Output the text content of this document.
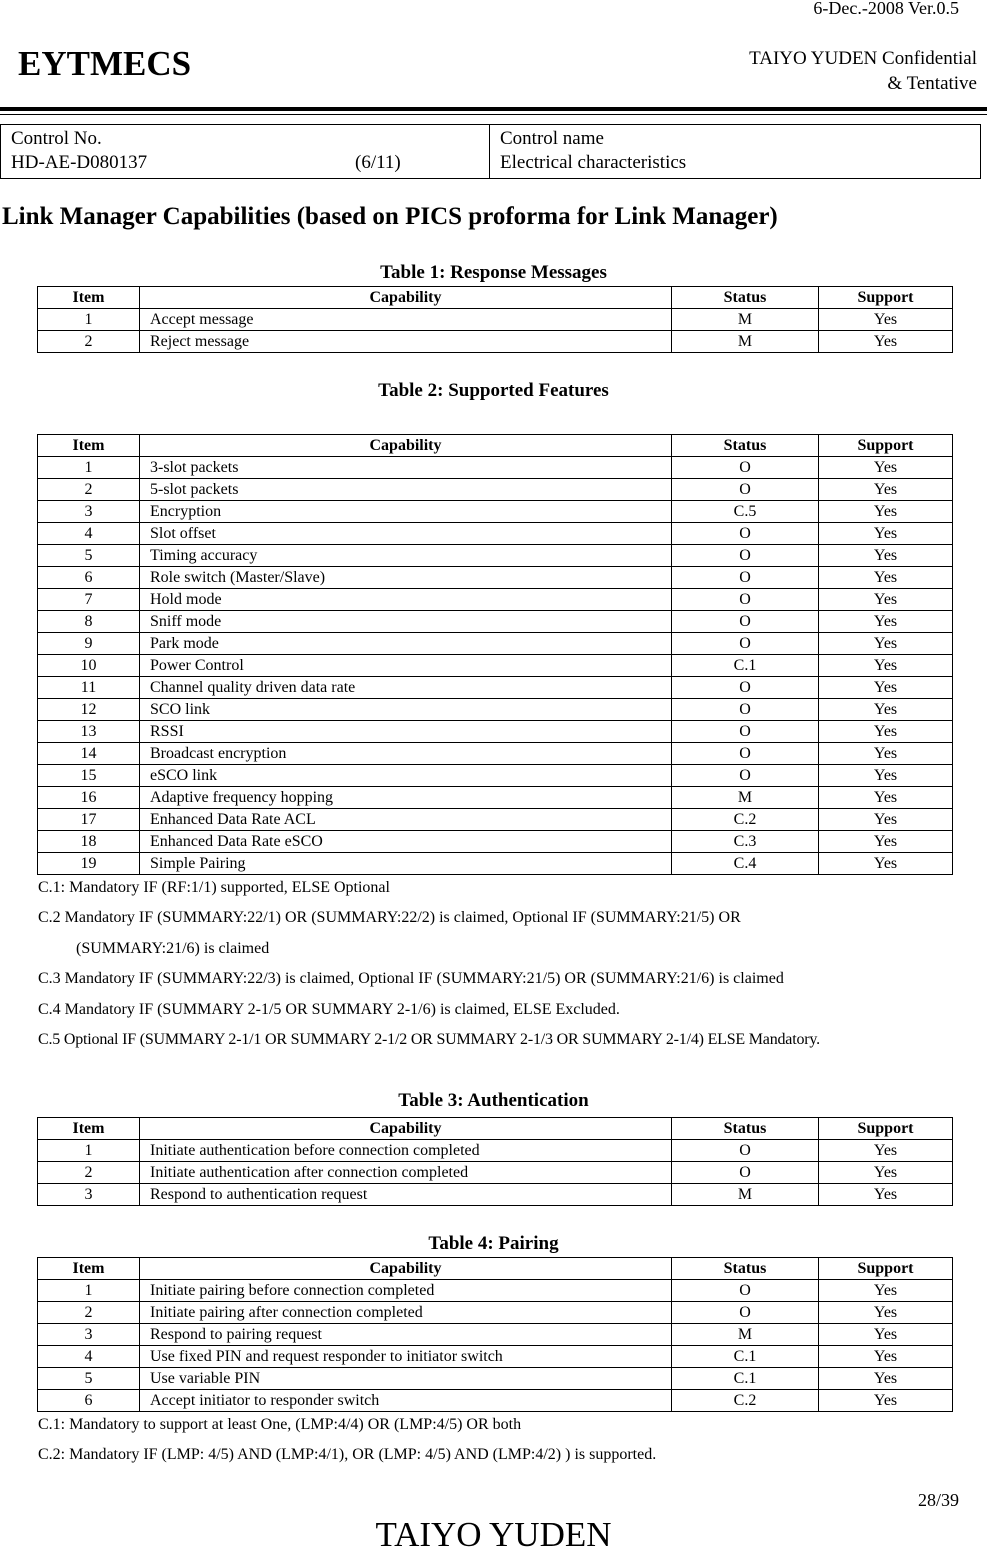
6-Dec.-2008 Ver.0.5
EYTMECS	TAIYO YUDEN Confidential
& Tentative
Control No.
HD-AE-D080137	(6/11)
Control name
Electrical characteristics
Link Manager Capabilities (based on PICS proforma for Link Manager)
Table 1: Response Messages
Item	Capability	Status	Support
1	Accept message	M	Yes
2	Reject message	M	Yes
Table 2: Supported Features
Item	Capability	Status	Support
1	3-slot packets	O	Yes
2	5-slot packets	O	Yes
3	Encryption	C.5	Yes
4	Slot offset	O	Yes
5	Timing accuracy	O	Yes
6	Role switch (Master/Slave)	O	Yes
7	Hold mode	O	Yes
8	Sniff mode	O	Yes
9	Park mode	O	Yes
10	Power Control	C.1	Yes
11	Channel quality driven data rate	O	Yes
12	SCO link	O	Yes
13	RSSI	O	Yes
14	Broadcast encryption	O	Yes
15	eSCO link	O	Yes
16	Adaptive frequency hopping	M	Yes
17	Enhanced Data Rate ACL	C.2	Yes
18	Enhanced Data Rate eSCO	C.3	Yes
19	Simple Pairing	C.4	Yes
C.1: Mandatory IF (RF:1/1) supported, ELSE Optional
C.2 Mandatory IF (SUMMARY:22/1) OR (SUMMARY:22/2) is claimed, Optional IF (SUMMARY:21/5) OR
(SUMMARY:21/6) is claimed
C.3 Mandatory IF (SUMMARY:22/3) is claimed, Optional IF (SUMMARY:21/5) OR (SUMMARY:21/6) is claimed
C.4 Mandatory IF (SUMMARY 2-1/5 OR SUMMARY 2-1/6) is claimed, ELSE Excluded.
C.5 Optional IF (SUMMARY 2-1/1 OR SUMMARY 2-1/2 OR SUMMARY 2-1/3 OR SUMMARY 2-1/4) ELSE Mandatory.
Table 3: Authentication
Item	Capability	Status	Support
1	Initiate authentication before connection completed	O	Yes
2	Initiate authentication after connection completed	O	Yes
3	Respond to authentication request	M	Yes
Table 4: Pairing
Item	Capability	Status	Support
1	Initiate pairing before connection completed	O	Yes
2	Initiate pairing after connection completed	O	Yes
3	Respond to pairing request	M	Yes
4	Use fixed PIN and request responder to initiator switch	C.1	Yes
5	Use variable PIN	C.1	Yes
6	Accept initiator to responder switch	C.2	Yes
C.1: Mandatory to support at least One, (LMP:4/4) OR (LMP:4/5) OR both
C.2: Mandatory IF (LMP: 4/5) AND (LMP:4/1), OR (LMP: 4/5) AND (LMP:4/2) ) is supported.
28/39
TAIYO YUDEN
